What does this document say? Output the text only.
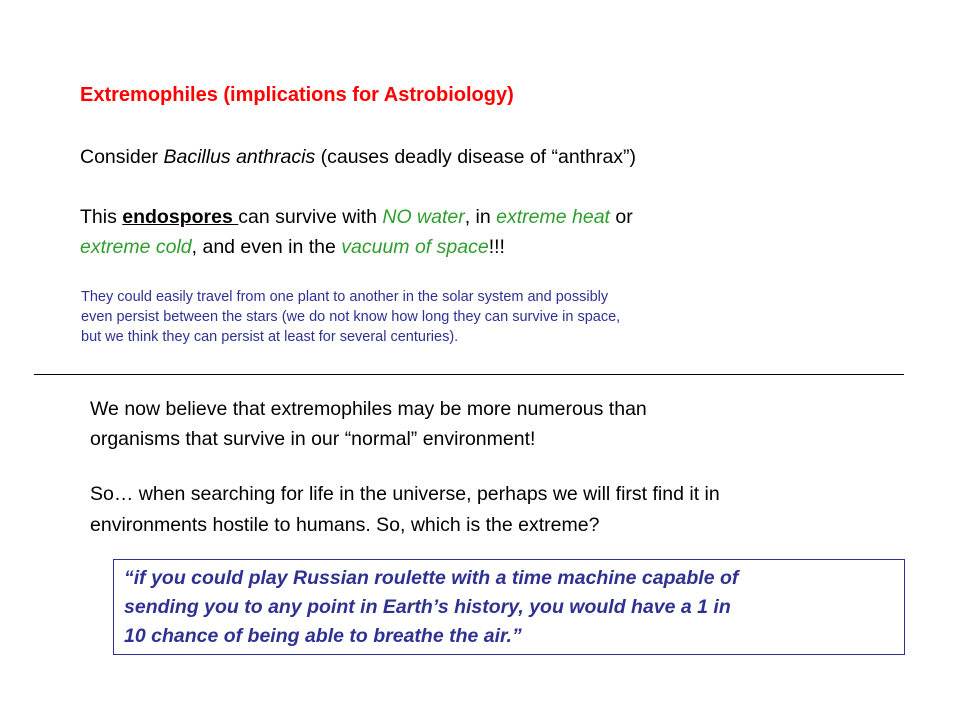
Extremophiles (implications for Astrobiology)
Consider Bacillus anthracis (causes deadly disease of “anthrax”)
This endospores can survive with NO water, in extreme heat or
extreme cold, and even in the vacuum of space!!!
They could easily travel from one plant to another in the solar system and possibly
even persist between the stars (we do not know how long they can survive in space,
but we think they can persist at least for several centuries).
We now believe that extremophiles may be more numerous than
organisms that survive in our “normal” environment!
So… when searching for life in the universe, perhaps we will first find it in
environments hostile to humans. So, which is the extreme?
“if you could play Russian roulette with a time machine capable of
sending you to any point in Earth’s history, you would have a 1 in
10 chance of being able to breathe the air.”
